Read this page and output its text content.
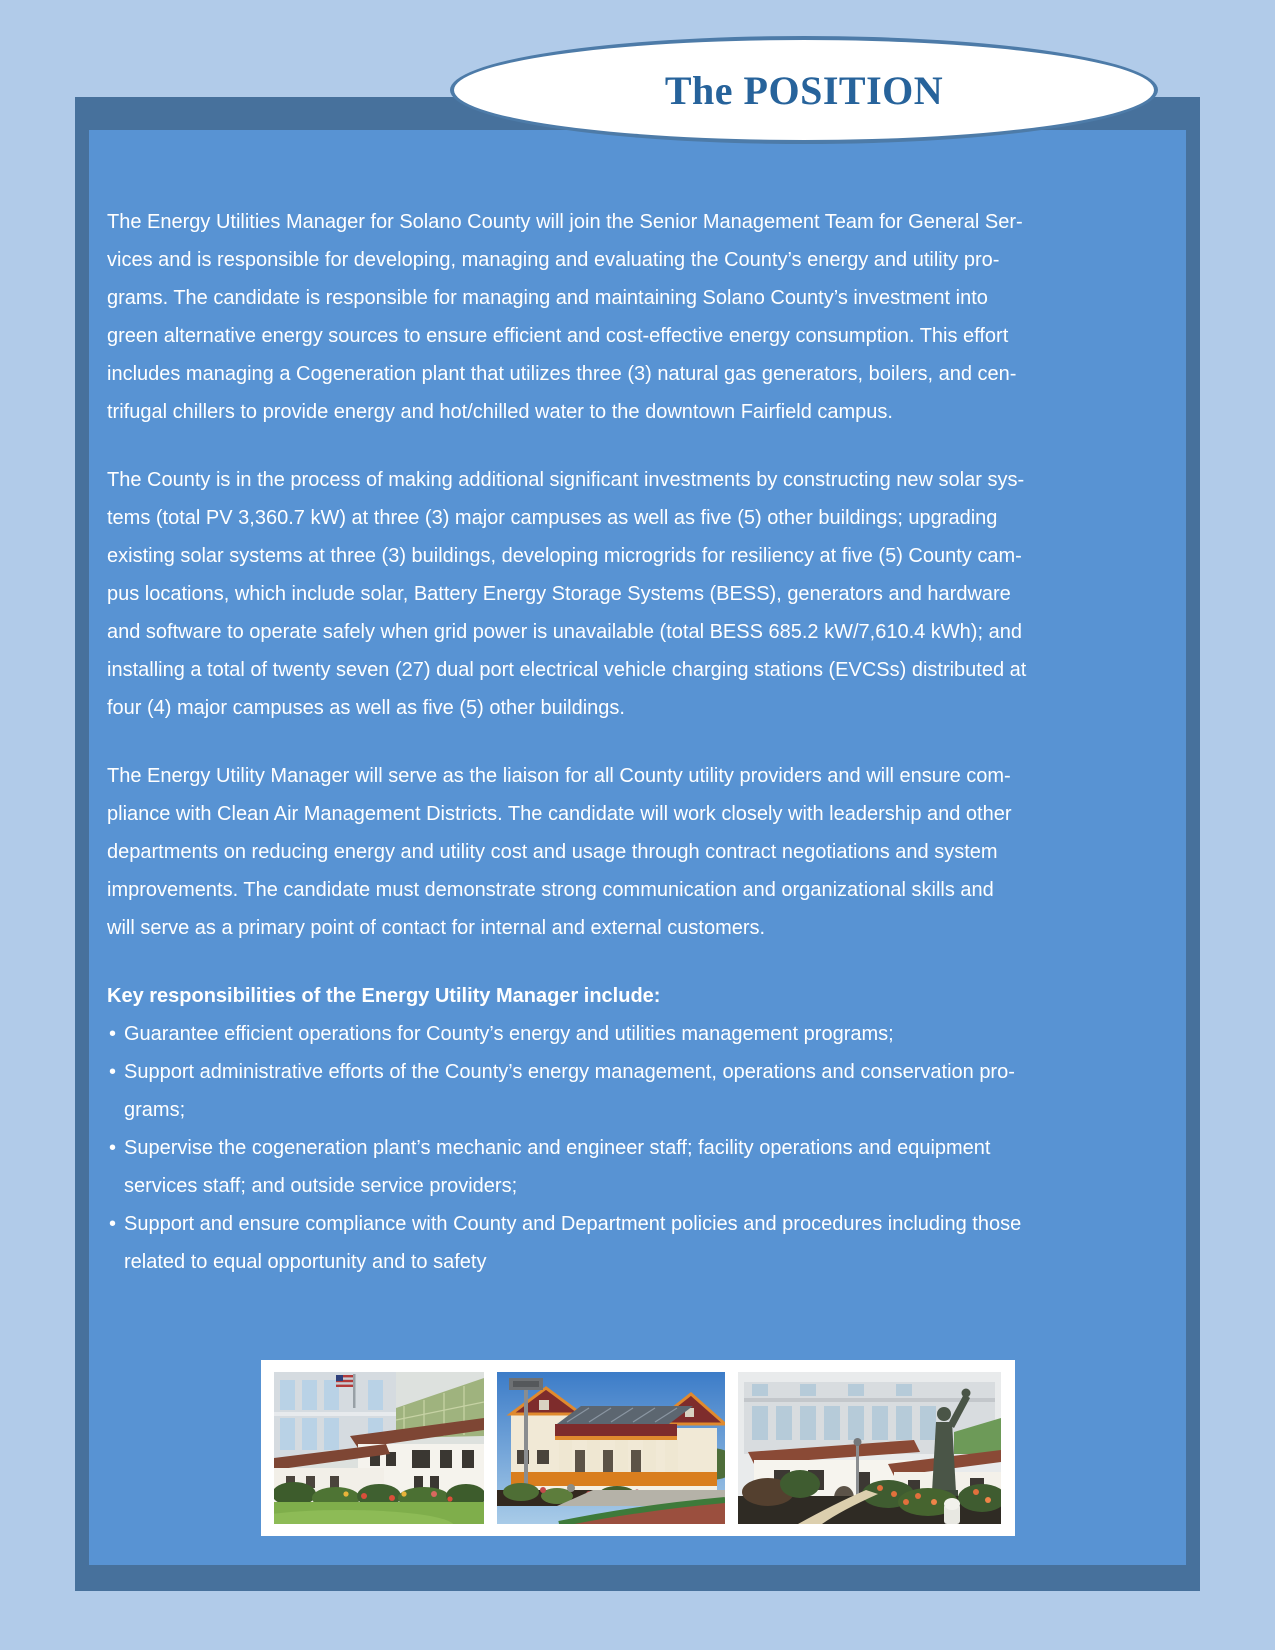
The POSITION
The Energy Utilities Manager for Solano County will join the Senior Management Team for General Ser-
vices and is responsible for developing, managing and evaluating the County’s energy and utility pro-
grams. The candidate is responsible for managing and maintaining Solano County’s investment into
green alternative energy sources to ensure efficient and cost-effective energy consumption. This effort
includes managing a Cogeneration plant that utilizes three (3) natural gas generators, boilers, and cen-
trifugal chillers to provide energy and hot/chilled water to the downtown Fairfield campus.
The County is in the process of making additional significant investments by constructing new solar sys-
tems (total PV 3,360.7 kW) at three (3) major campuses as well as five (5) other buildings; upgrading
existing solar systems at three (3) buildings, developing microgrids for resiliency at five (5) County cam-
pus locations, which include solar, Battery Energy Storage Systems (BESS), generators and hardware
and software to operate safely when grid power is unavailable (total BESS 685.2 kW/7,610.4 kWh); and
installing a total of twenty seven (27) dual port electrical vehicle charging stations (EVCSs) distributed at
four (4) major campuses as well as five (5) other buildings.
The Energy Utility Manager will serve as the liaison for all County utility providers and will ensure com-
pliance with Clean Air Management Districts. The candidate will work closely with leadership and other
departments on reducing energy and utility cost and usage through contract negotiations and system
improvements. The candidate must demonstrate strong communication and organizational skills and
will serve as a primary point of contact for internal and external customers.
Key responsibilities of the Energy Utility Manager include:
• Guarantee efficient operations for County’s energy and utilities management programs;
• Support administrative efforts of the County’s energy management, operations and conservation pro-
grams;
• Supervise the cogeneration plant’s mechanic and engineer staff; facility operations and equipment
services staff; and outside service providers;
• Support and ensure compliance with County and Department policies and procedures including those
related to equal opportunity and to safety
